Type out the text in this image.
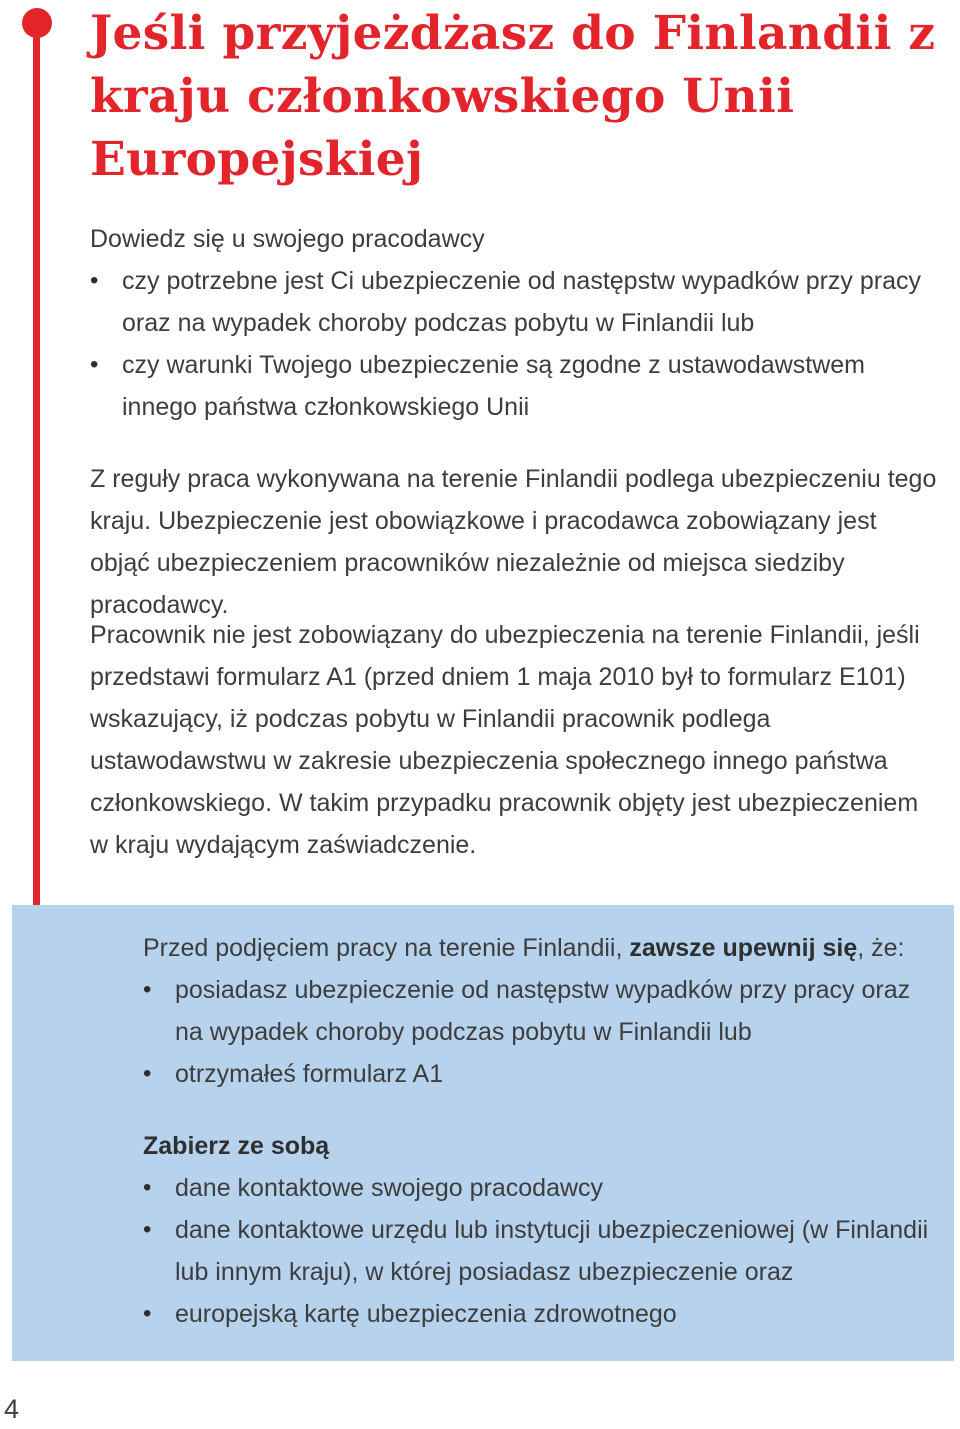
Jeśli przyjeżdżasz do Finlandii z kraju członkowskiego Unii Europejskiej

Dowiedz się u swojego pracodawcy

• czy potrzebne jest Ci ubezpieczenie od następstw wypadków przy pracy oraz na wypadek choroby podczas pobytu w Finlandii lub
• czy warunki Twojego ubezpieczenie są zgodne z ustawodawstwem innego państwa członkowskiego Unii

Z reguły praca wykonywana na terenie Finlandii podlega ubezpieczeniu tego kraju. Ubezpieczenie jest obowiązkowe i pracodawca zobowiązany jest objąć ubezpieczeniem pracowników niezależnie od miejsca siedziby pracodawcy.

Pracownik nie jest zobowiązany do ubezpieczenia na terenie Finlandii, jeśli przedstawi formularz A1 (przed dniem 1 maja 2010 był to formularz E101) wskazujący, iż podczas pobytu w Finlandii pracownik podlega ustawodawstwu w zakresie ubezpieczenia społecznego innego państwa członkowskiego. W takim przypadku pracownik objęty jest ubezpieczeniem w kraju wydającym zaświadczenie.

Przed podjęciem pracy na terenie Finlandii, zawsze upewnij się, że:

• posiadasz ubezpieczenie od następstw wypadków przy pracy oraz na wypadek choroby podczas pobytu w Finlandii lub
• otrzymałeś formularz A1

Zabierz ze sobą

• dane kontaktowe swojego pracodawcy
• dane kontaktowe urzędu lub instytucji ubezpieczeniowej (w Finlandii lub innym kraju), w której posiadasz ubezpieczenie oraz
• europejską kartę ubezpieczenia zdrowotnego
4
